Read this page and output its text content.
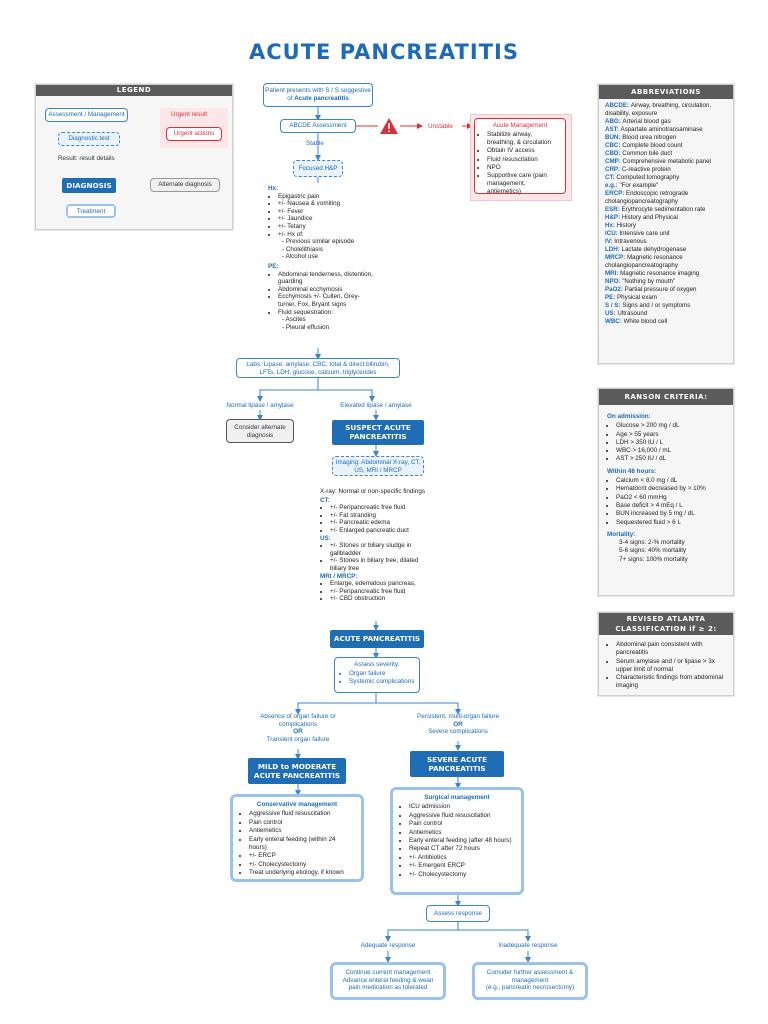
ACUTE PANCREATITIS
LEGEND
Assessment / Management	Urgent result
Urgent actions
Diagnostic test
Result: result details
DIAGNOSIS	Alternate diagnosis
Treatment
Patient presents with S / S suggestive of Acute pancreatitis
ABCDE Assessment	Unstable
Stable
Acute Management
• Stabilize airway, breathing, & circulation
• Obtain IV access
• Fluid resuscitation
• NPO
• Supportive care (pain management, antiemetics)
Focused H&P
Hx:
• Epigastric pain
• +/- Nausea & vomiting
• +/- Fever
• +/- Jaundice
• +/- Tetany
• +/- Hx of:
- Previous similar episode
- Cholelithiasis
- Alcohol use
PE:
• Abdominal tenderness, distention, guarding
• Abdominal ecchymosis
• Ecchymosis +/- Cullen, Grey-turner, Fox, Bryant signs
• Fluid sequestration:
- Ascites
- Pleural effusion
Labs: Lipase, amylase, CBC, total & direct bilirubin, LFTs, LDH, glucose, calcium, triglycerides
Normal lipase / amylase	Elevated lipase / amylase
Consider alternate diagnosis
SUSPECT ACUTE PANCREATITIS
Imaging: Abdominal X-ray, CT, US, MRI / MRCP
X-ray: Normal or non-specific findings
CT:
• +/- Peripancreatic free fluid
• +/- Fat stranding
• +/- Pancreatic edema
• +/- Enlarged pancreatic duct
US:
• +/- Stones or biliary sludge in gallbladder
• +/- Stones in biliary tree, dilated biliary tree
MRI / MRCP:
• Enlarge, edematous pancreas,
• +/- Peripancreatic free fluid
• +/- CBD obstruction
ACUTE PANCREATITIS
Assess severity:
• Organ failure
• Systemic complications
Absence of organ failure or complications
OR
Transient organ failure
Persistent, multi-organ failure
OR
Severe complications
MILD to MODERATE ACUTE PANCREATITIS
SEVERE ACUTE PANCREATITIS
Conservative management
• Aggressive fluid resuscitation
• Pain control
• Antiemetics
• Early enteral feeding (within 24 hours)
• +/- ERCP
• +/- Cholecystectomy
• Treat underlying etiology, if known
Surgical management
• ICU admission
• Aggressive fluid resuscitation
• Pain control
• Antiemetics
• Early enteral feeding (after 48 hours)
• Repeat CT after 72 hours
• +/- Antibiotics
• +/- Emergent ERCP
• +/- Cholecystectomy
Assess response
Adequate response	Inadequate response
Continue current management
Advance enteral feeding & wean pain medication as tolerated
Consider further assessment & management
(e.g., pancreatic necrosectomy)
ABBREVIATIONS
ABCDE: Airway, breathing, circulation, disability, exposure
ABG: Arterial blood gas
AST: Aspartate aminotransaminase
BUN: Blood urea nitrogen
CBC: Complete blood count
CBD: Common bile duct
CMP: Comprehensive metabolic panel
CRP: C-reactive protein
CT: Computed tomography
e.g.: "For example"
ERCP: Endoscopic retrograde cholangiopancreatography
ESR: Erythrocyte sedimentation rate
H&P: History and Physical
Hx: History
ICU: Intensive care unit
IV: Intravenous
LDH: Lactate dehydrogenase
MRCP: Magnetic resonance cholangiopancreatography
MRI: Magnetic resonance imaging
NPO: "Nothing by mouth"
PaO2: Partial pressure of oxygen
PE: Physical exam
S / S: Signs and / or symptoms
US: Ultrasound
WBC: White blood cell
RANSON CRITERIA:
On admission:
• Glucose > 200 mg / dL
• Age > 55 years
• LDH > 350 IU / L
• WBC > 16,000 / mL
• AST > 250 IU / dL
Within 48 hours:
• Calcium < 8.0 mg / dL
• Hematocrit decreased by > 10%
• PaO2 < 60 mmHg
• Base deficit > 4 mEq / L
• BUN increased by 5 mg / dL
• Sequestered fluid > 6 L
Mortality:
3-4 signs: 2-% mortality
5-6 signs: 40% mortality
7+ signs: 100% mortality
REVISED ATLANTA CLASSIFICATION if ≥ 2:
• Abdominal pain consistent with pancreatitis
• Serum amylase and / or lipase > 3x upper limit of normal
• Characteristic findings from abdominal imaging
